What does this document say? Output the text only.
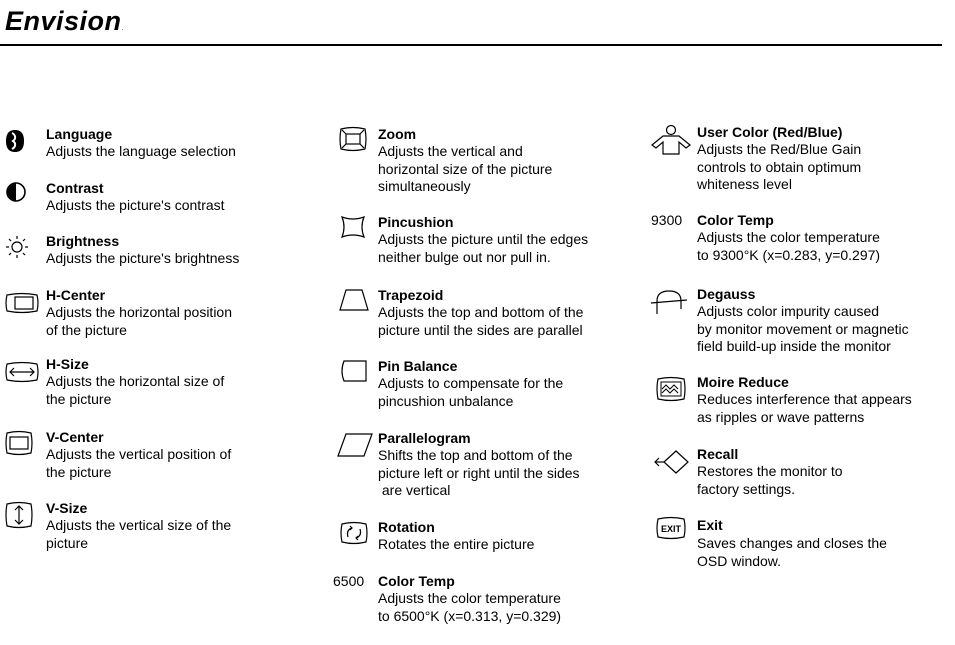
Envision.
Language
Adjusts the language selection
Contrast
Adjusts the picture's contrast
Brightness
Adjusts the picture's brightness
H-Center
Adjusts the horizontal position
of the picture
H-Size
Adjusts the horizontal size of
the picture
V-Center
Adjusts the vertical position of
the picture
V-Size
Adjusts the vertical size of the
picture
Zoom
Adjusts the vertical and
horizontal size of the picture
simultaneously
Pincushion
Adjusts the picture until the edges
neither bulge out nor pull in.
Trapezoid
Adjusts the top and bottom of the
picture until the sides are parallel
Pin Balance
Adjusts to compensate for the
pincushion unbalance
Parallelogram
Shifts the top and bottom of the
picture left or right until the sides
are vertical
Rotation
Rotates the entire picture
6500 Color Temp
Adjusts the color temperature
to 6500°K (x=0.313, y=0.329)
User Color (Red/Blue)
Adjusts the Red/Blue Gain
controls to obtain optimum
whiteness level
9300 Color Temp
Adjusts the color temperature
to 9300°K (x=0.283, y=0.297)
Degauss
Adjusts color impurity caused
by monitor movement or magnetic
field build-up inside the monitor
Moire Reduce
Reduces interference that appears
as ripples or wave patterns
Recall
Restores the monitor to
factory settings.
EXIT Exit
Saves changes and closes the
OSD window.
